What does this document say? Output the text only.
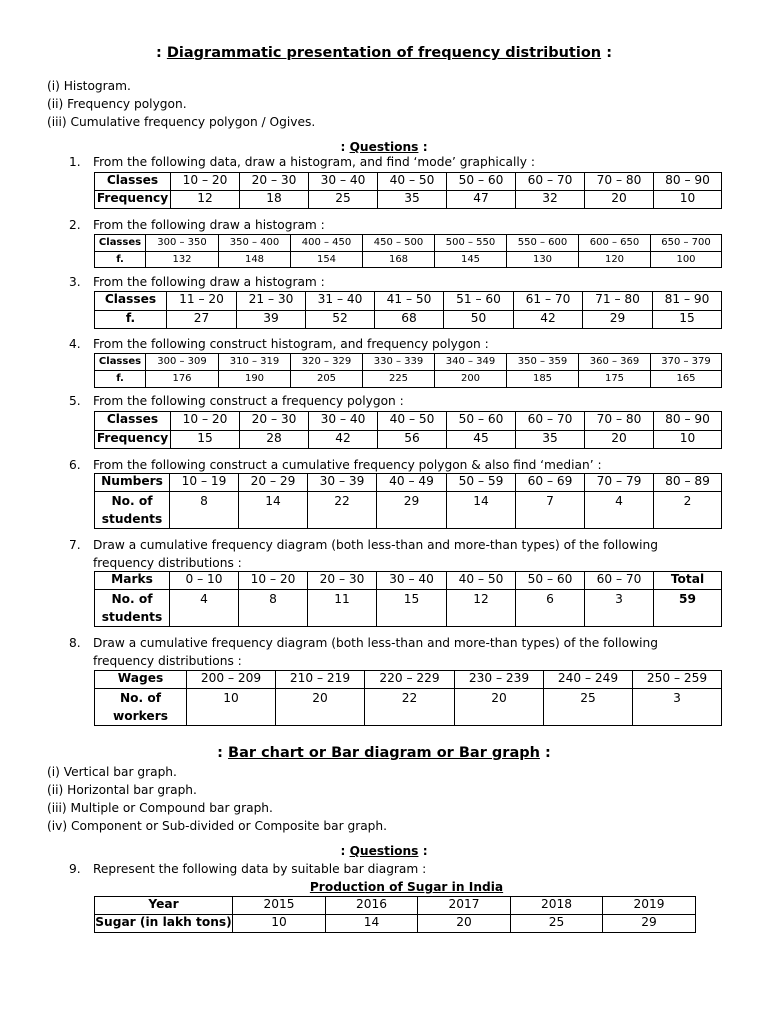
: Diagrammatic presentation of frequency distribution :
(i) Histogram.
(ii) Frequency polygon.
(iii) Cumulative frequency polygon / Ogives.
: Questions :
1. From the following data, draw a histogram, and find ‘mode’ graphically :
Classes	10 – 20	20 – 30	30 – 40	40 – 50	50 – 60	60 – 70	70 – 80	80 – 90
Frequency	12	18	25	35	47	32	20	10
2. From the following draw a histogram :
Classes	300 – 350	350 – 400	400 – 450	450 – 500	500 – 550	550 – 600	600 – 650	650 – 700
f.	132	148	154	168	145	130	120	100
3. From the following draw a histogram :
Classes	11 – 20	21 – 30	31 – 40	41 – 50	51 – 60	61 – 70	71 – 80	81 – 90
f.	27	39	52	68	50	42	29	15
4. From the following construct histogram, and frequency polygon :
Classes	300 – 309	310 – 319	320 – 329	330 – 339	340 – 349	350 – 359	360 – 369	370 – 379
f.	176	190	205	225	200	185	175	165
5. From the following construct a frequency polygon :
Classes	10 – 20	20 – 30	30 – 40	40 – 50	50 – 60	60 – 70	70 – 80	80 – 90
Frequency	15	28	42	56	45	35	20	10
6. From the following construct a cumulative frequency polygon & also find ‘median’ :
Numbers	10 – 19	20 – 29	30 – 39	40 – 49	50 – 59	60 – 69	70 – 79	80 – 89
No. of students	8	14	22	29	14	7	4	2
7. Draw a cumulative frequency diagram (both less-than and more-than types) of the following
frequency distributions :
Marks	0 – 10	10 – 20	20 – 30	30 – 40	40 – 50	50 – 60	60 – 70	Total
No. of students	4	8	11	15	12	6	3	59
8. Draw a cumulative frequency diagram (both less-than and more-than types) of the following
frequency distributions :
Wages	200 – 209	210 – 219	220 – 229	230 – 239	240 – 249	250 – 259
No. of workers	10	20	22	20	25	3
: Bar chart or Bar diagram or Bar graph :
(i) Vertical bar graph.
(ii) Horizontal bar graph.
(iii) Multiple or Compound bar graph.
(iv) Component or Sub-divided or Composite bar graph.
: Questions :
9. Represent the following data by suitable bar diagram :
Production of Sugar in India
Year	2015	2016	2017	2018	2019
Sugar (in lakh tons)	10	14	20	25	29
